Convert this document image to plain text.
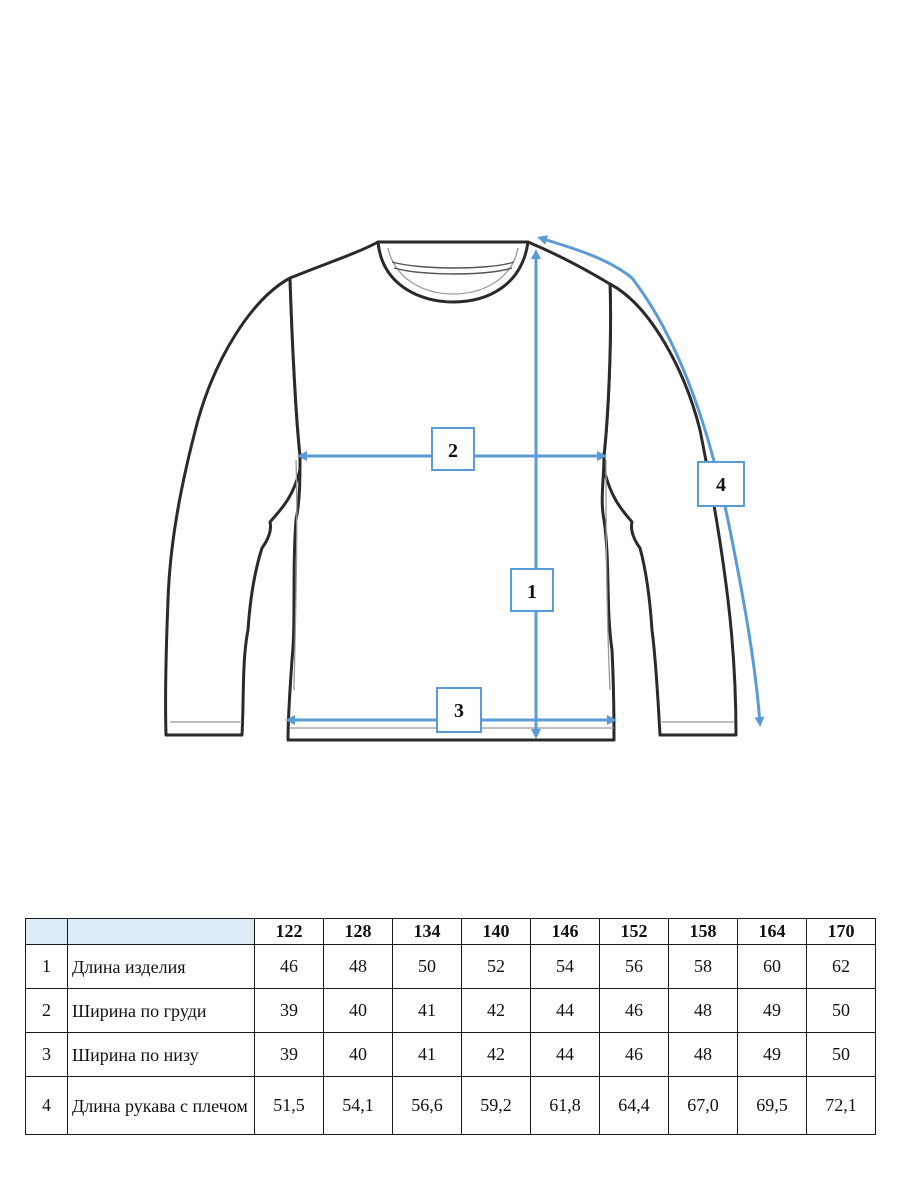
2
1
3
4
		122	128	134	140	146	152	158	164	170
1	Длина изделия	46	48	50	52	54	56	58	60	62
2	Ширина по груди	39	40	41	42	44	46	48	49	50
3	Ширина по низу	39	40	41	42	44	46	48	49	50
4	Длина рукава с плечом	51,5	54,1	56,6	59,2	61,8	64,4	67,0	69,5	72,1
